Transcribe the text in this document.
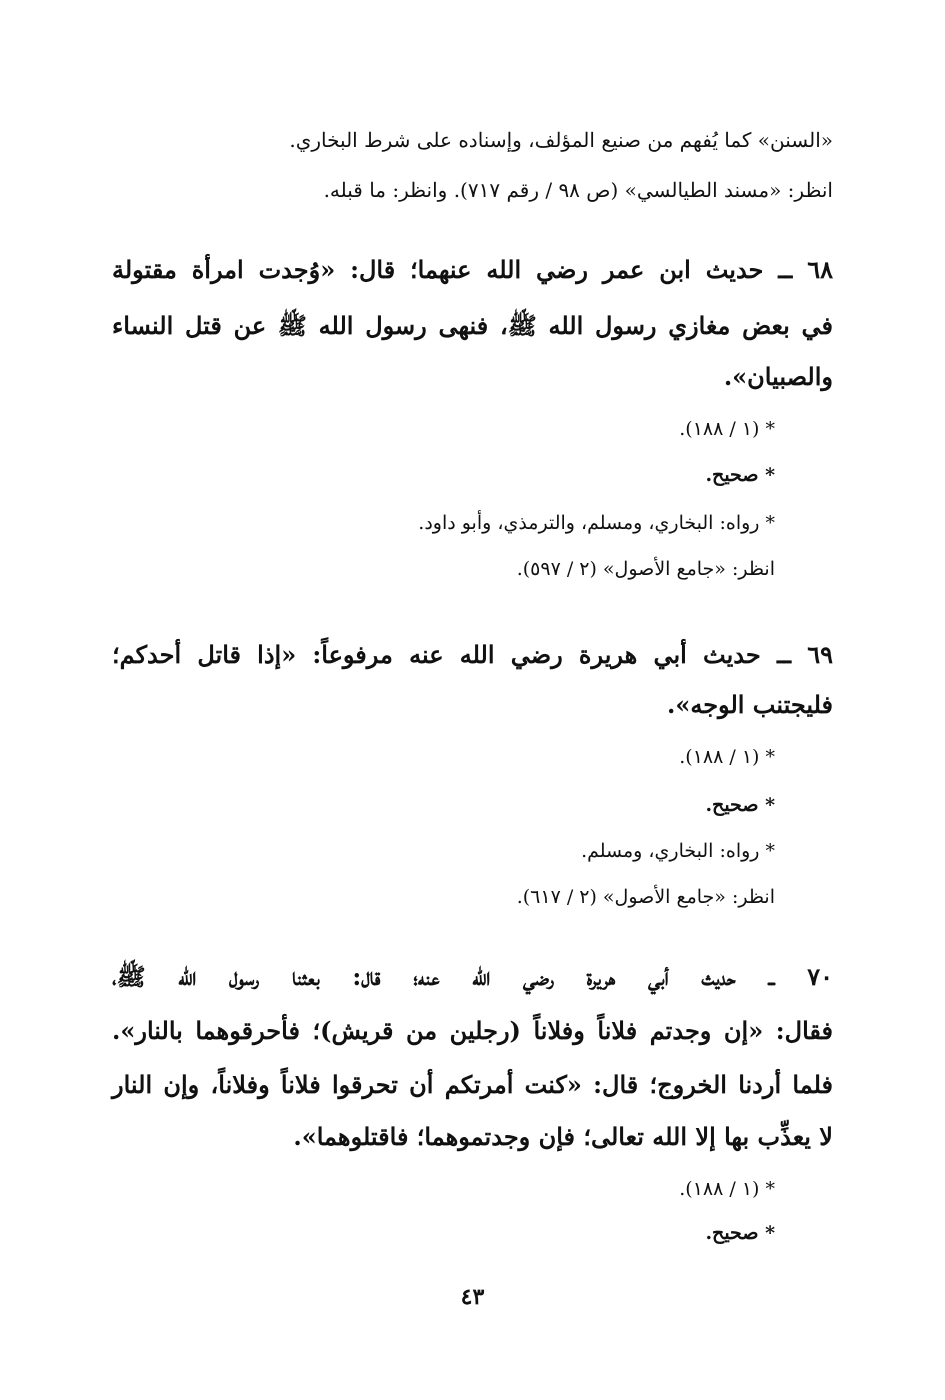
«السنن» كما يُفهم من صنيع المؤلف، وإسناده على شرط البخاري.
انظر: «مسند الطيالسي» (ص ٩٨ / رقم ٧١٧). وانظر: ما قبله.
٦٨ ــ حديث ابن عمر رضي الله عنهما؛ قال: «وُجدت امرأة مقتولة
في بعض مغازي رسول الله ﷺ، فنهى رسول الله ﷺ عن قتل النساء
والصبيان».
* (١ / ١٨٨).
* صحيح.
* رواه: البخاري، ومسلم، والترمذي، وأبو داود.
انظر: «جامع الأصول» (٢ / ٥٩٧).
٦٩ ــ حديث أبي هريرة رضي الله عنه مرفوعاً: «إذا قاتل أحدكم؛
فليجتنب الوجه».
* (١ / ١٨٨).
* صحيح.
* رواه: البخاري، ومسلم.
انظر: «جامع الأصول» (٢ / ٦١٧).
٧٠ ــ حديث أبي هريرة رضي الله عنه؛ قال: بعثنا رسول الله ﷺ،
فقال: «إن وجدتم فلاناً وفلاناً (رجلين من قريش)؛ فأحرقوهما بالنار».
فلما أردنا الخروج؛ قال: «كنت أمرتكم أن تحرقوا فلاناً وفلاناً، وإن النار
لا يعذِّب بها إلا الله تعالى؛ فإن وجدتموهما؛ فاقتلوهما».
* (١ / ١٨٨).
* صحيح.
٤٣
